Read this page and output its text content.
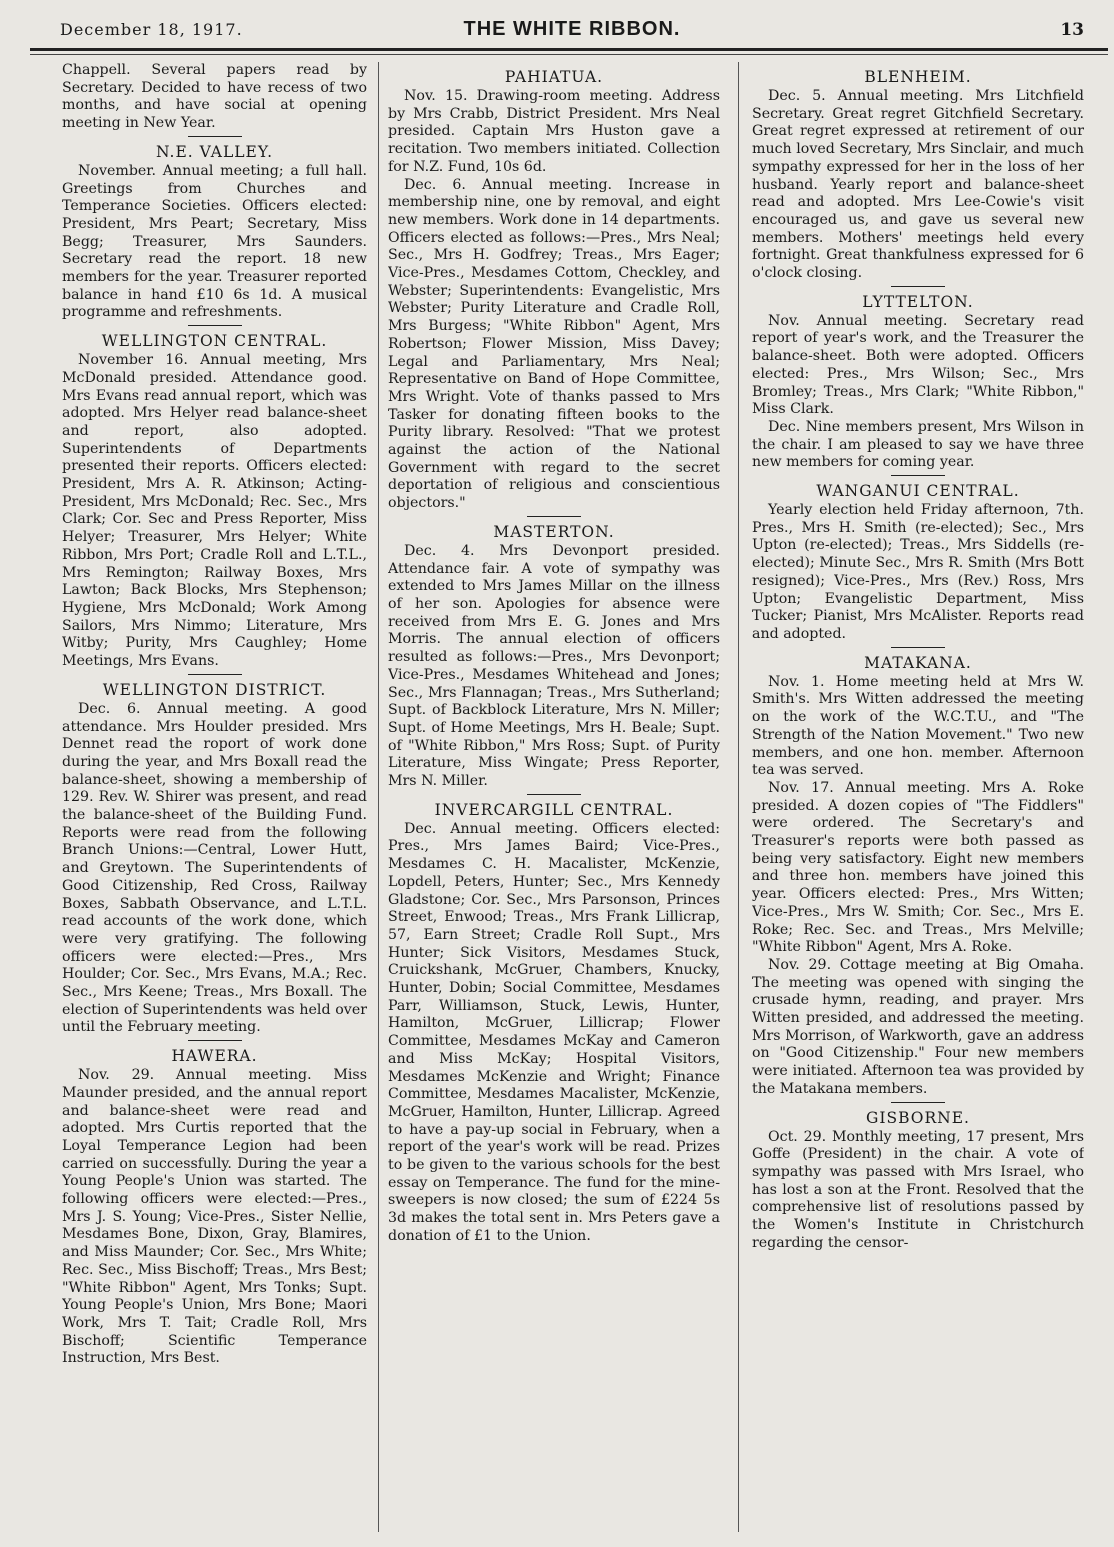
December 18, 1917.	THE WHITE RIBBON.	13

Chappell. Several papers read by Secretary. Decided to have recess of two months, and have social at opening meeting in New Year.

N.E. VALLEY.

November. Annual meeting; a full hall. Greetings from Churches and Temperance Societies. Officers elected: President, Mrs Peart; Secretary, Miss Begg; Treasurer, Mrs Saunders. Secretary read the report. 18 new members for the year. Treasurer reported balance in hand £10 6s 1d. A musical programme and refreshments.

WELLINGTON CENTRAL.

November 16. Annual meeting, Mrs McDonald presided. Attendance good. Mrs Evans read annual report, which was adopted. Mrs Helyer read balance-sheet and report, also adopted. Superintendents of Departments presented their reports. Officers elected: President, Mrs A. R. Atkinson; Acting-President, Mrs McDonald; Rec. Sec., Mrs Clark; Cor. Sec and Press Reporter, Miss Helyer; Treasurer, Mrs Helyer; White Ribbon, Mrs Port; Cradle Roll and L.T.L., Mrs Remington; Railway Boxes, Mrs Lawton; Back Blocks, Mrs Stephenson; Hygiene, Mrs McDonald; Work Among Sailors, Mrs Nimmo; Literature, Mrs Witby; Purity, Mrs Caughley; Home Meetings, Mrs Evans.

WELLINGTON DISTRICT.

Dec. 6. Annual meeting. A good attendance. Mrs Houlder presided. Mrs Dennet read the roport of work done during the year, and Mrs Boxall read the balance-sheet, showing a membership of 129. Rev. W. Shirer was present, and read the balance-sheet of the Building Fund. Reports were read from the following Branch Unions:—Central, Lower Hutt, and Greytown. The Superintendents of Good Citizenship, Red Cross, Railway Boxes, Sabbath Observance, and L.T.L. read accounts of the work done, which were very gratifying. The following officers were elected:—Pres., Mrs Houlder; Cor. Sec., Mrs Evans, M.A.; Rec. Sec., Mrs Keene; Treas., Mrs Boxall. The election of Superintendents was held over until the February meeting.

HAWERA.

Nov. 29. Annual meeting. Miss Maunder presided, and the annual report and balance-sheet were read and adopted. Mrs Curtis reported that the Loyal Temperance Legion had been carried on successfully. During the year a Young People's Union was started. The following officers were elected:—Pres., Mrs J. S. Young; Vice-Pres., Sister Nellie, Mesdames Bone, Dixon, Gray, Blamires, and Miss Maunder; Cor. Sec., Mrs White; Rec. Sec., Miss Bischoff; Treas., Mrs Best; "White Ribbon" Agent, Mrs Tonks; Supt. Young People's Union, Mrs Bone; Maori Work, Mrs T. Tait; Cradle Roll, Mrs Bischoff; Scientific Temperance Instruction, Mrs Best.

PAHIATUA.

Nov. 15. Drawing-room meeting. Address by Mrs Crabb, District President. Mrs Neal presided. Captain Mrs Huston gave a recitation. Two members initiated. Collection for N.Z. Fund, 10s 6d.

Dec. 6. Annual meeting. Increase in membership nine, one by removal, and eight new members. Work done in 14 departments. Officers elected as follows:—Pres., Mrs Neal; Sec., Mrs H. Godfrey; Treas., Mrs Eager; Vice-Pres., Mesdames Cottom, Checkley, and Webster; Superintendents: Evangelistic, Mrs Webster; Purity Literature and Cradle Roll, Mrs Burgess; "White Ribbon" Agent, Mrs Robertson; Flower Mission, Miss Davey; Legal and Parliamentary, Mrs Neal; Representative on Band of Hope Committee, Mrs Wright. Vote of thanks passed to Mrs Tasker for donating fifteen books to the Purity library. Resolved: "That we protest against the action of the National Government with regard to the secret deportation of religious and conscientious objectors."

MASTERTON.

Dec. 4. Mrs Devonport presided. Attendance fair. A vote of sympathy was extended to Mrs James Millar on the illness of her son. Apologies for absence were received from Mrs E. G. Jones and Mrs Morris. The annual election of officers resulted as follows:—Pres., Mrs Devonport; Vice-Pres., Mesdames Whitehead and Jones; Sec., Mrs Flannagan; Treas., Mrs Sutherland; Supt. of Backblock Literature, Mrs N. Miller; Supt. of Home Meetings, Mrs H. Beale; Supt. of "White Ribbon," Mrs Ross; Supt. of Purity Literature, Miss Wingate; Press Reporter, Mrs N. Miller.

INVERCARGILL CENTRAL.

Dec. Annual meeting. Officers elected: Pres., Mrs James Baird; Vice-Pres., Mesdames C. H. Macalister, McKenzie, Lopdell, Peters, Hunter; Sec., Mrs Kennedy Gladstone; Cor. Sec., Mrs Parsonson, Princes Street, Enwood; Treas., Mrs Frank Lillicrap, 57, Earn Street; Cradle Roll Supt., Mrs Hunter; Sick Visitors, Mesdames Stuck, Cruickshank, McGruer, Chambers, Knucky, Hunter, Dobin; Social Committee, Mesdames Parr, Williamson, Stuck, Lewis, Hunter, Hamilton, McGruer, Lillicrap; Flower Committee, Mesdames McKay and Cameron and Miss McKay; Hospital Visitors, Mesdames McKenzie and Wright; Finance Committee, Mesdames Macalister, McKenzie, McGruer, Hamilton, Hunter, Lillicrap. Agreed to have a pay-up social in February, when a report of the year's work will be read. Prizes to be given to the various schools for the best essay on Temperance. The fund for the mine-sweepers is now closed; the sum of £224 5s 3d makes the total sent in. Mrs Peters gave a donation of £1 to the Union.

BLENHEIM.

Dec. 5. Annual meeting. Mrs Litchfield Secretary. Great regret Gitchfield Secretary. Great regret expressed at retirement of our much loved Secretary, Mrs Sinclair, and much sympathy expressed for her in the loss of her husband. Yearly report and balance-sheet read and adopted. Mrs Lee-Cowie's visit encouraged us, and gave us several new members. Mothers' meetings held every fortnight. Great thankfulness expressed for 6 o'clock closing.

LYTTELTON.

Nov. Annual meeting. Secretary read report of year's work, and the Treasurer the balance-sheet. Both were adopted. Officers elected: Pres., Mrs Wilson; Sec., Mrs Bromley; Treas., Mrs Clark; "White Ribbon," Miss Clark.

Dec. Nine members present, Mrs Wilson in the chair. I am pleased to say we have three new members for coming year.

WANGANUI CENTRAL.

Yearly election held Friday afternoon, 7th. Pres., Mrs H. Smith (re-elected); Sec., Mrs Upton (re-elected); Treas., Mrs Siddells (re-elected); Minute Sec., Mrs R. Smith (Mrs Bott resigned); Vice-Pres., Mrs (Rev.) Ross, Mrs Upton; Evangelistic Department, Miss Tucker; Pianist, Mrs McAlister. Reports read and adopted.

MATAKANA.

Nov. 1. Home meeting held at Mrs W. Smith's. Mrs Witten addressed the meeting on the work of the W.C.T.U., and "The Strength of the Nation Movement." Two new members, and one hon. member. Afternoon tea was served.

Nov. 17. Annual meeting. Mrs A. Roke presided. A dozen copies of "The Fiddlers" were ordered. The Secretary's and Treasurer's reports were both passed as being very satisfactory. Eight new members and three hon. members have joined this year. Officers elected: Pres., Mrs Witten; Vice-Pres., Mrs W. Smith; Cor. Sec., Mrs E. Roke; Rec. Sec. and Treas., Mrs Melville; "White Ribbon" Agent, Mrs A. Roke.

Nov. 29. Cottage meeting at Big Omaha. The meeting was opened with singing the crusade hymn, reading, and prayer. Mrs Witten presided, and addressed the meeting. Mrs Morrison, of Warkworth, gave an address on "Good Citizenship." Four new members were initiated. Afternoon tea was provided by the Matakana members.

GISBORNE.

Oct. 29. Monthly meeting, 17 present, Mrs Goffe (President) in the chair. A vote of sympathy was passed with Mrs Israel, who has lost a son at the Front. Resolved that the comprehensive list of resolutions passed by the Women's Institute in Christchurch regarding the censor-
